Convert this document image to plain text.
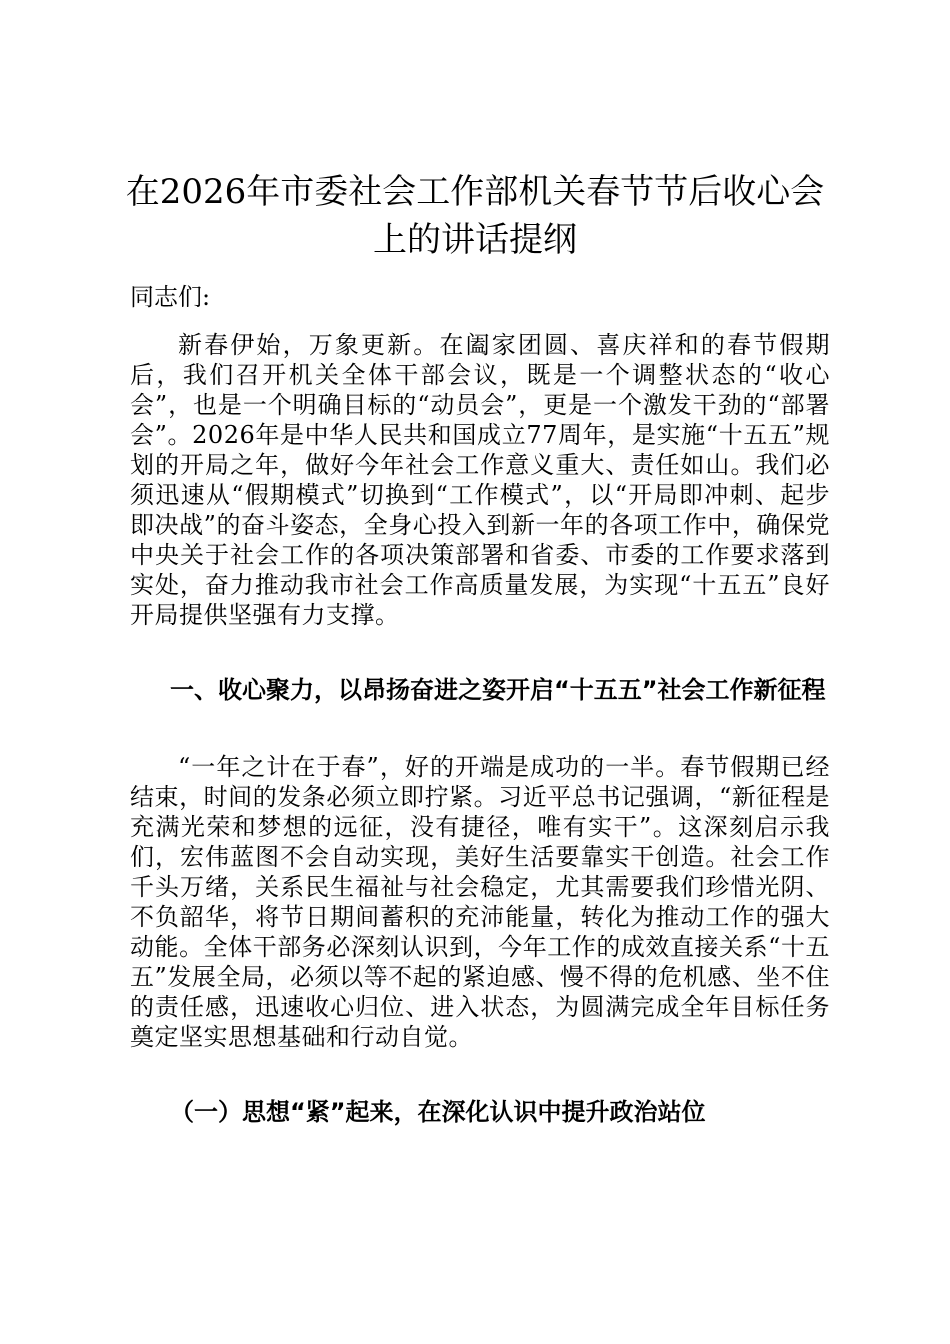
在2026年市委社会工作部机关春节节后收心会上的讲话提纲

同志们:

新春伊始，万象更新。在阖家团圆、喜庆祥和的春节假期后，我们召开机关全体干部会议，既是一个调整状态的“收心会”，也是一个明确目标的“动员会”，更是一个激发干劲的“部署会”。2026年是中华人民共和国成立77周年，是实施“十五五”规划的开局之年，做好今年社会工作意义重大、责任如山。我们必须迅速从“假期模式”切换到“工作模式”，以“开局即冲刺、起步即决战”的奋斗姿态，全身心投入到新一年的各项工作中，确保党中央关于社会工作的各项决策部署和省委、市委的工作要求落到实处，奋力推动我市社会工作高质量发展，为实现“十五五”良好开局提供坚强有力支撑。

一、收心聚力，以昂扬奋进之姿开启“十五五”社会工作新征程

“一年之计在于春”，好的开端是成功的一半。春节假期已经结束，时间的发条必须立即拧紧。习近平总书记强调，“新征程是充满光荣和梦想的远征，没有捷径，唯有实干”。这深刻启示我们，宏伟蓝图不会自动实现，美好生活要靠实干创造。社会工作千头万绪，关系民生福祉与社会稳定，尤其需要我们珍惜光阴、不负韶华，将节日期间蓄积的充沛能量，转化为推动工作的强大动能。全体干部务必深刻认识到，今年工作的成效直接关系“十五五”发展全局，必须以等不起的紧迫感、慢不得的危机感、坐不住的责任感，迅速收心归位、进入状态，为圆满完成全年目标任务奠定坚实思想基础和行动自觉。

（一）思想“紧”起来，在深化认识中提升政治站位
